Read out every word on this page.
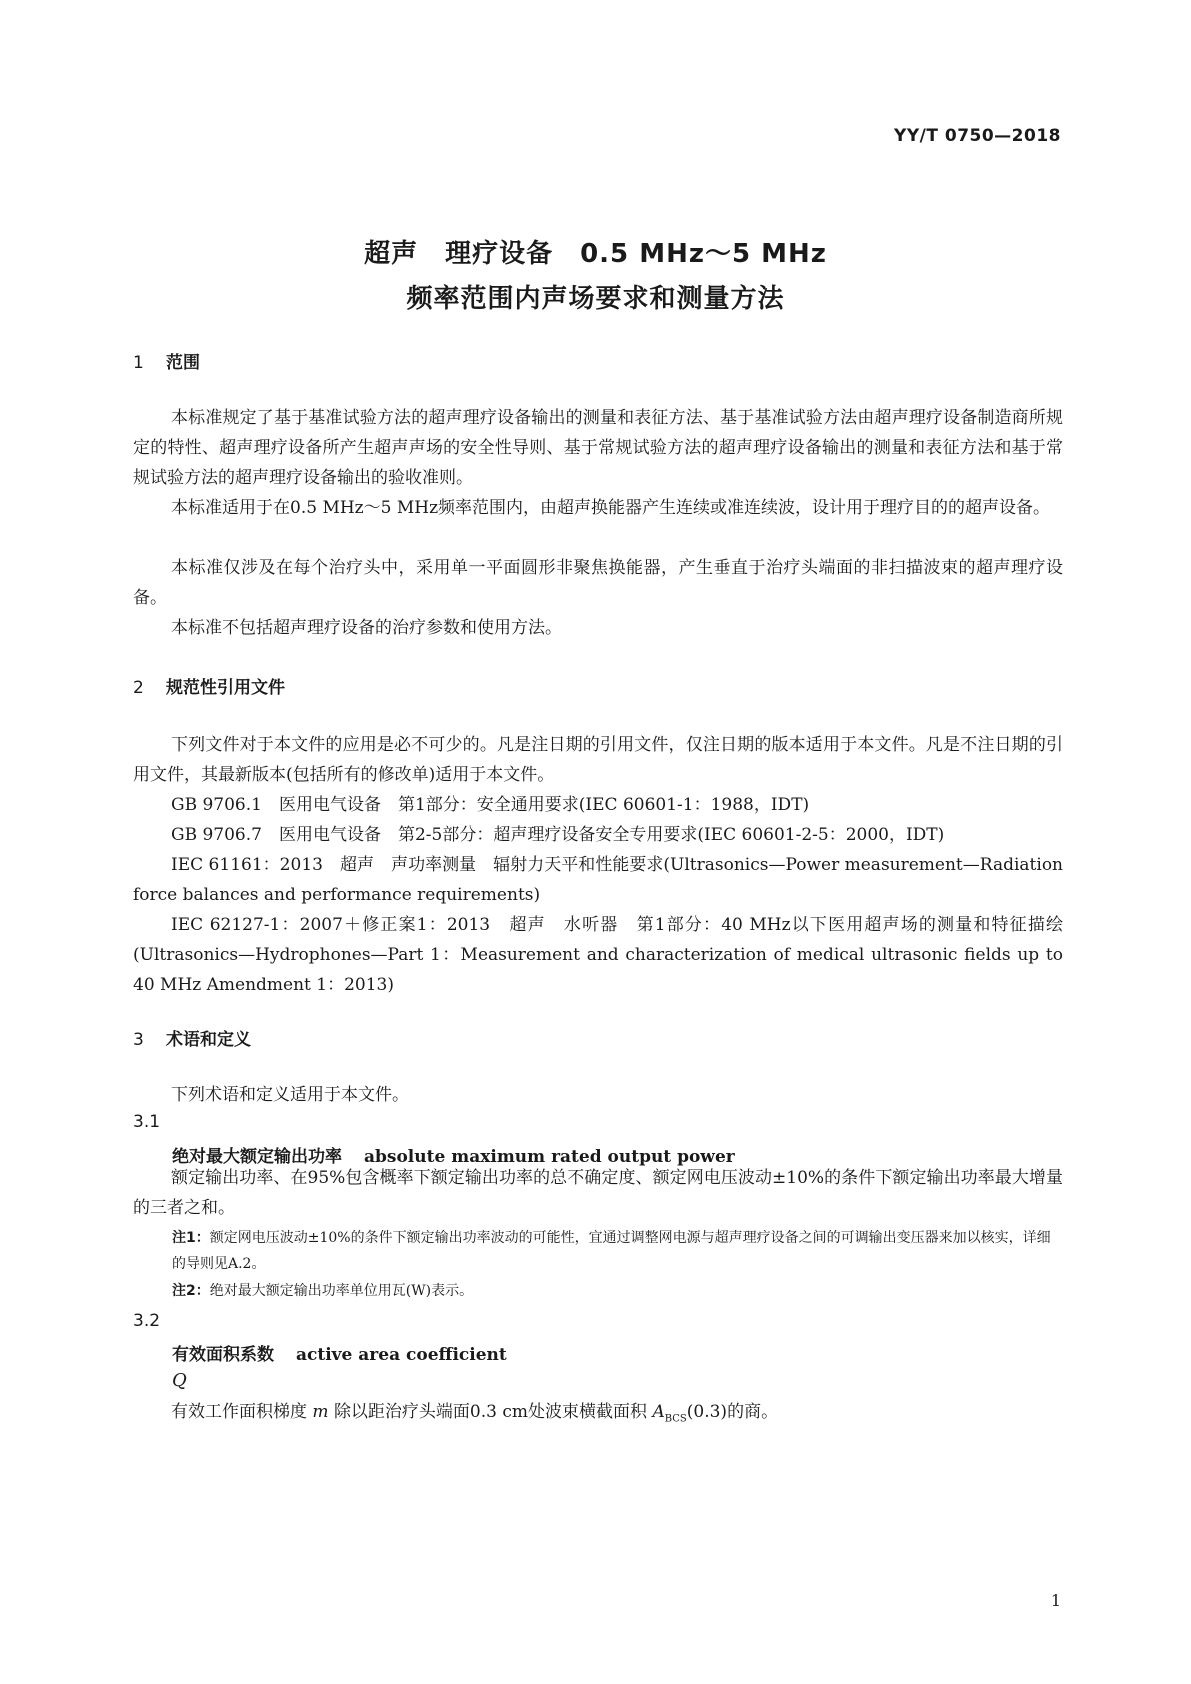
YY/T 0750—2018
超声　理疗设备　0.5 MHz～5 MHz
频率范围内声场要求和测量方法
1 范围
本标准规定了基于基准试验方法的超声理疗设备输出的测量和表征方法、基于基准试验方法由超声理疗设备制造商所规定的特性、超声理疗设备所产生超声声场的安全性导则、基于常规试验方法的超声理疗设备输出的测量和表征方法和基于常规试验方法的超声理疗设备输出的验收准则。
本标准适用于在0.5 MHz～5 MHz频率范围内，由超声换能器产生连续或准连续波，设计用于理疗目的的超声设备。
本标准仅涉及在每个治疗头中，采用单一平面圆形非聚焦换能器，产生垂直于治疗头端面的非扫描波束的超声理疗设备。
本标准不包括超声理疗设备的治疗参数和使用方法。
2 规范性引用文件
下列文件对于本文件的应用是必不可少的。凡是注日期的引用文件，仅注日期的版本适用于本文件。凡是不注日期的引用文件，其最新版本(包括所有的修改单)适用于本文件。
GB 9706.1　医用电气设备　第1部分：安全通用要求(IEC 60601-1：1988，IDT)
GB 9706.7　医用电气设备　第2-5部分：超声理疗设备安全专用要求(IEC 60601-2-5：2000，IDT)
IEC 61161：2013　超声　声功率测量　辐射力天平和性能要求(Ultrasonics—Power measurement—Radiation force balances and performance requirements)
IEC 62127-1：2007＋修正案1：2013　超声　水听器　第1部分：40 MHz以下医用超声场的测量和特征描绘(Ultrasonics—Hydrophones—Part 1：Measurement and characterization of medical ultrasonic fields up to 40 MHz Amendment 1：2013)
3 术语和定义
下列术语和定义适用于本文件。
3.1
绝对最大额定输出功率 absolute maximum rated output power
额定输出功率、在95%包含概率下额定输出功率的总不确定度、额定网电压波动±10%的条件下额定输出功率最大增量的三者之和。
注1：额定网电压波动±10%的条件下额定输出功率波动的可能性，宜通过调整网电源与超声理疗设备之间的可调输出变压器来加以核实，详细的导则见A.2。
注2：绝对最大额定输出功率单位用瓦(W)表示。
3.2
有效面积系数 active area coefficient
Q
有效工作面积梯度 m 除以距治疗头端面0.3 cm处波束横截面积 $A_{BCS}(0.3)$的商。
1
